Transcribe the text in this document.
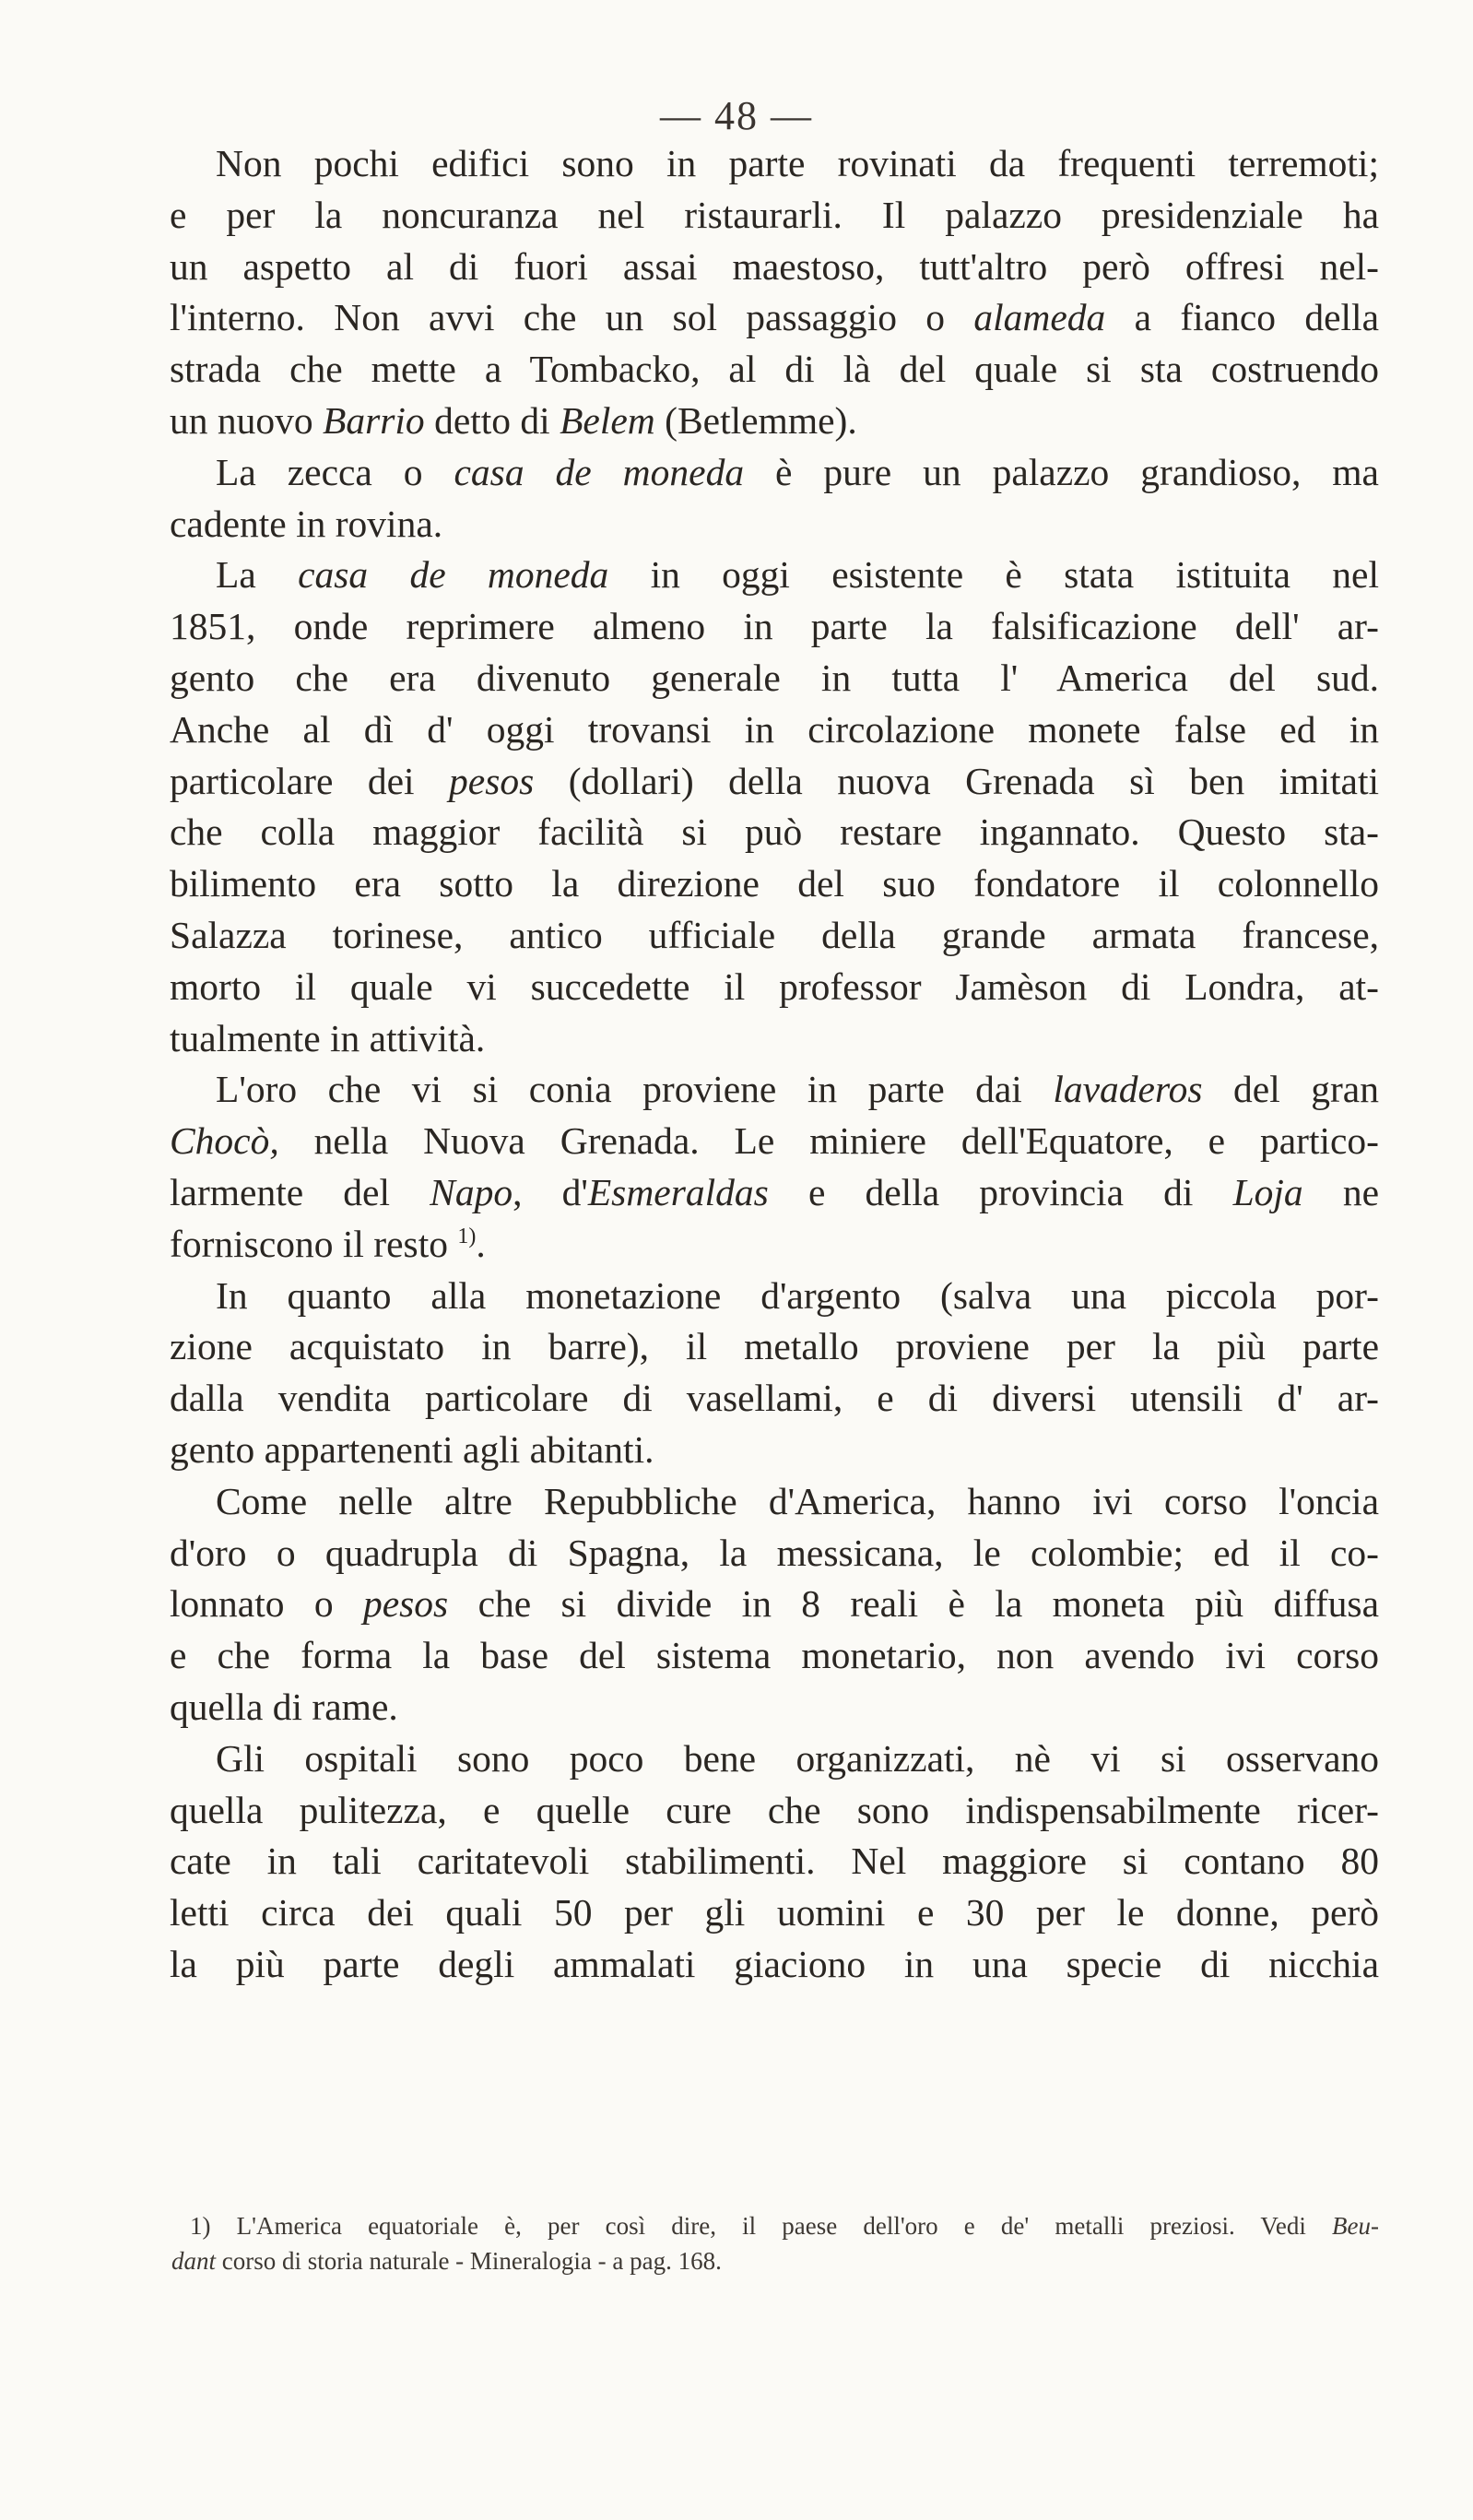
— 48 —
Non pochi edifici sono in parte rovinati da frequenti terremoti;
e per la noncuranza nel ristaurarli. Il palazzo presidenziale ha
un aspetto al di fuori assai maestoso, tutt'altro però offresi nel-
l'interno. Non avvi che un sol passaggio o alameda a fianco della
strada che mette a Tombacko, al di là del quale si sta costruendo
un nuovo Barrio detto di Belem (Betlemme).
La zecca o casa de moneda è pure un palazzo grandioso, ma
cadente in rovina.
La casa de moneda in oggi esistente è stata istituita nel
1851, onde reprimere almeno in parte la falsificazione dell' ar-
gento che era divenuto generale in tutta l' America del sud.
Anche al dì d' oggi trovansi in circolazione monete false ed in
particolare dei pesos (dollari) della nuova Grenada sì ben imitati
che colla maggior facilità si può restare ingannato. Questo sta-
bilimento era sotto la direzione del suo fondatore il colonnello
Salazza torinese, antico ufficiale della grande armata francese,
morto il quale vi succedette il professor Jamèson di Londra, at-
tualmente in attività.
L'oro che vi si conia proviene in parte dai lavaderos del gran
Chocò, nella Nuova Grenada. Le miniere dell'Equatore, e partico-
larmente del Napo, d'Esmeraldas e della provincia di Loja ne
forniscono il resto $^{1)}$.
In quanto alla monetazione d'argento (salva una piccola por-
zione acquistato in barre), il metallo proviene per la più parte
dalla vendita particolare di vasellami, e di diversi utensili d' ar-
gento appartenenti agli abitanti.
Come nelle altre Repubbliche d'America, hanno ivi corso l'oncia
d'oro o quadrupla di Spagna, la messicana, le colombie; ed il co-
lonnato o pesos che si divide in 8 reali è la moneta più diffusa
e che forma la base del sistema monetario, non avendo ivi corso
quella di rame.
Gli ospitali sono poco bene organizzati, nè vi si osservano
quella pulitezza, e quelle cure che sono indispensabilmente ricer-
cate in tali caritatevoli stabilimenti. Nel maggiore si contano 80
letti circa dei quali 50 per gli uomini e 30 per le donne, però
la più parte degli ammalati giaciono in una specie di nicchia
1) L'America equatoriale è, per così dire, il paese dell'oro e de' metalli preziosi. Vedi Beu-
dant corso di storia naturale - Mineralogia - a pag. 168.
